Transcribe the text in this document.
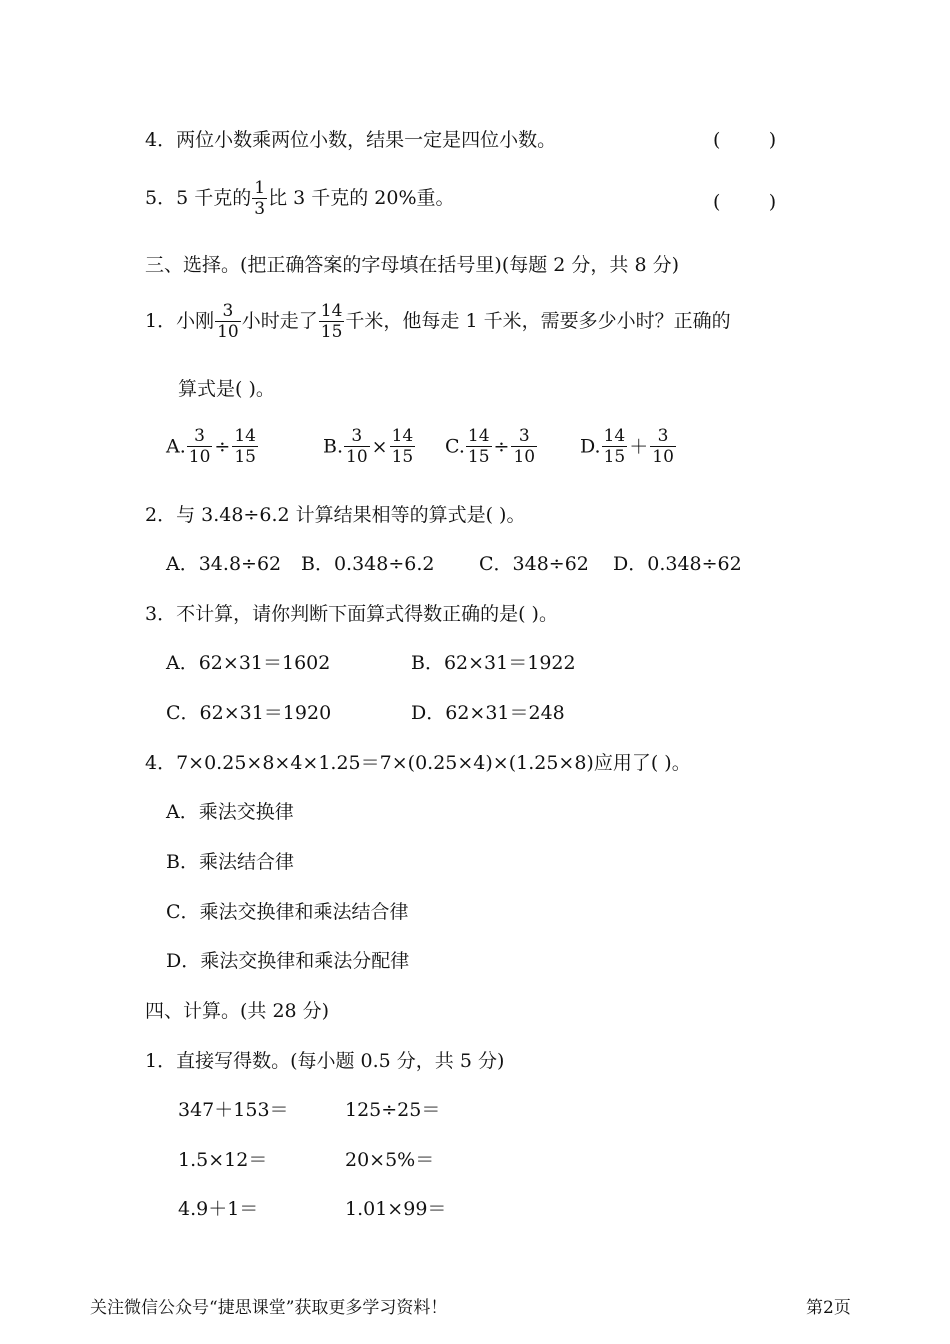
4．两位小数乘两位小数，结果一定是四位小数。	(        )
5．5 千克的 $\frac{1}{3}$ 比 3 千克的 20%重。	(        )
三、选择。(把正确答案的字母填在括号里)(每题 2 分，共 8 分)
1．小刚 $\frac{3}{10}$ 小时走了 $\frac{14}{15}$ 千米，他每走 1 千米，需要多少小时？正确的
算式是( )。
A. $\frac{3}{10} \div \frac{14}{15}$	B. $\frac{3}{10} \times \frac{14}{15} C$. $\frac{14}{15} \div \frac{3}{10} D$. $\frac{14}{15} + \frac{3}{10}$
2．与 3.48÷6.2 计算结果相等的算式是( )。
A．34.8÷62 B．0.348÷6.2 C．348÷62 D．0.348÷62
3．不计算，请你判断下面算式得数正确的是( )。
A．62×31＝1602	B．62×31＝1922
C．62×31＝1920	D．62×31＝248
4．7×0.25×8×4×1.25＝7×(0.25×4)×(1.25×8)应用了( )。
A．乘法交换律
B．乘法结合律
C．乘法交换律和乘法结合律
D．乘法交换律和乘法分配律
四、计算。(共 28 分)
1．直接写得数。(每小题 0.5 分，共 5 分)
347＋153＝	125÷25＝
1.5×12＝	20×5%＝
4.9＋1＝	1.01×99＝
关注微信公众号“捷思课堂”获取更多学习资料！	第2页
